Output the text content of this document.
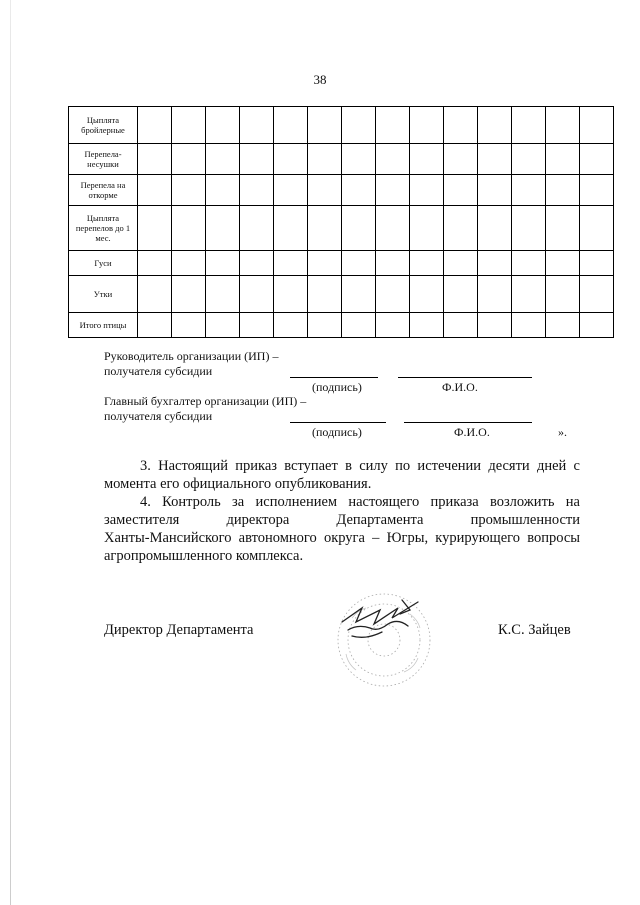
38
Цыплята
бройлерные														

Перепела-
несушки														

Перепела на
откорме														

Цыплята
перепелов до 1
мес.														

Гуси														

Утки														

Итого птицы														

Руководитель организации (ИП) –
получателя субсидии
(подпись)	Ф.И.О.
Главный бухгалтер организации (ИП) –
получателя субсидии
(подпись)	Ф.И.О.	».
3. Настоящий приказ вступает в силу по истечении десяти дней с
момента его официального опубликования.
4. Контроль за исполнением настоящего приказа возложить на
заместителя директора Департамента промышленности
Ханты-Мансийского автономного округа – Югры, курирующего вопросы
агропромышленного комплекса.
Директор Департамента	К.С. Зайцев
